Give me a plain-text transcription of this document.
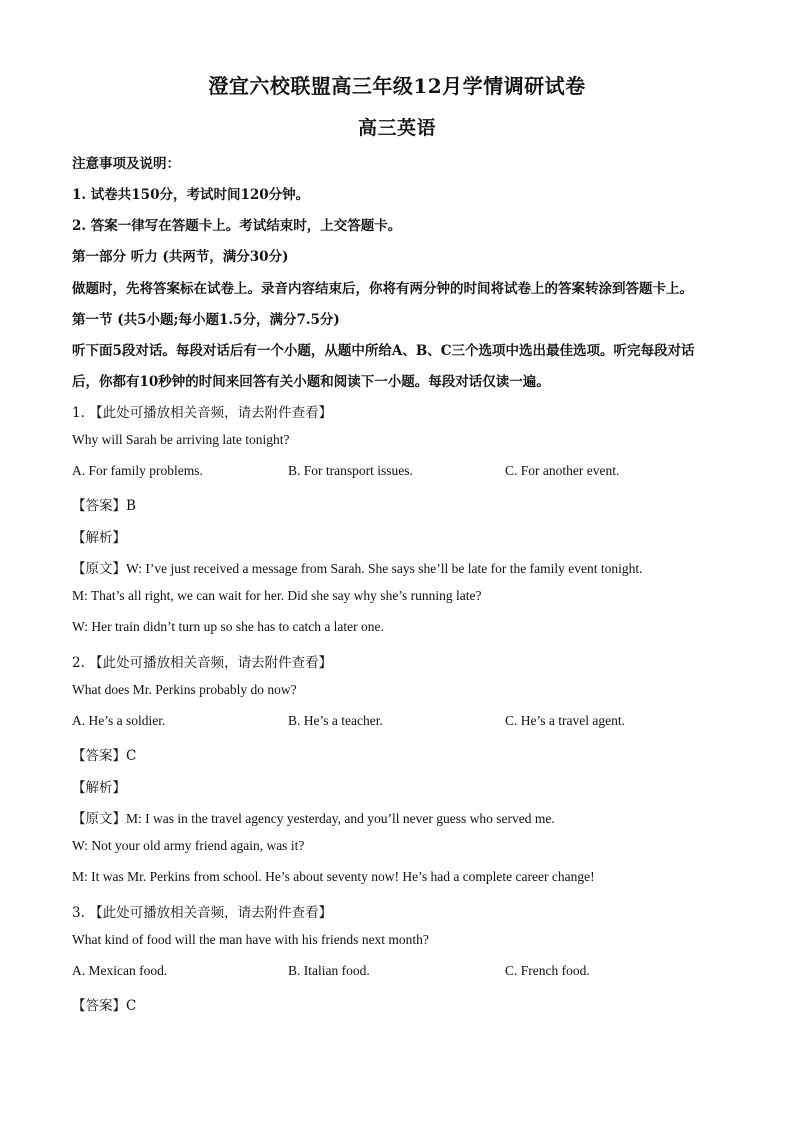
澄宜六校联盟高三年级12月学情调研试卷
高三英语
注意事项及说明：
1. 试卷共150分，考试时间120分钟。
2. 答案一律写在答题卡上。考试结束时，上交答题卡。
第一部分 听力 (共两节，满分30分)
做题时，先将答案标在试卷上。录音内容结束后，你将有两分钟的时间将试卷上的答案转涂到答题卡上。
第一节 (共5小题;每小题1.5分，满分7.5分)
听下面5段对话。每段对话后有一个小题，从题中所给A、B、C三个选项中选出最佳选项。听完每段对话
后，你都有10秒钟的时间来回答有关小题和阅读下一小题。每段对话仅读一遍。
1. 【此处可播放相关音频，请去附件查看】
Why will Sarah be arriving late tonight?
A. For family problems.	B. For transport issues.	C. For another event.
【答案】B
【解析】
【原文】W: I’ve just received a message from Sarah. She says she’ll be late for the family event tonight.
M: That’s all right, we can wait for her. Did she say why she’s running late?
W: Her train didn’t turn up so she has to catch a later one.
2. 【此处可播放相关音频，请去附件查看】
What does Mr. Perkins probably do now?
A. He’s a soldier.	B. He’s a teacher.	C. He’s a travel agent.
【答案】C
【解析】
【原文】M: I was in the travel agency yesterday, and you’ll never guess who served me.
W: Not your old army friend again, was it?
M: It was Mr. Perkins from school. He’s about seventy now! He’s had a complete career change!
3. 【此处可播放相关音频，请去附件查看】
What kind of food will the man have with his friends next month?
A. Mexican food.	B. Italian food.	C. French food.
【答案】C
